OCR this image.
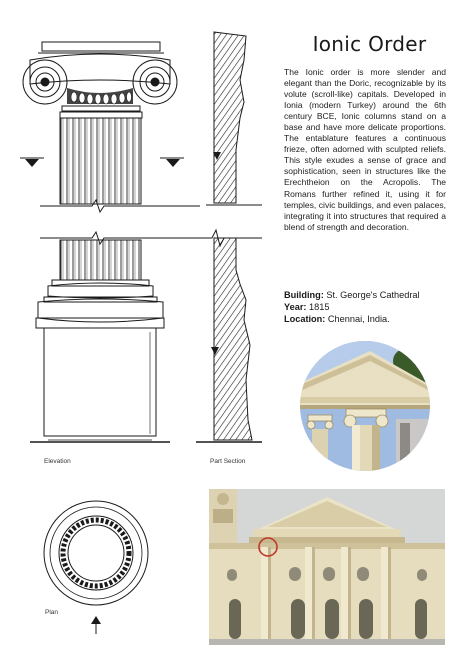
Elevation	Part Section
Plan
Ionic Order

The Ionic order is more slender and elegant than the Doric, recognizable by its volute (scroll-like) capitals. Developed in Ionia (modern Turkey) around the 6th century BCE, Ionic columns stand on a base and have more delicate proportions. The entablature features a continuous frieze, often adorned with sculpted reliefs. This style exudes a sense of grace and sophistication, seen in structures like the Erechtheion on the Acropolis. The Romans further refined it, using it for temples, civic buildings, and even palaces, integrating it into structures that required a blend of strength and decoration.

Building: St. George's Cathedral
Year: 1815
Location: Chennai, India.
